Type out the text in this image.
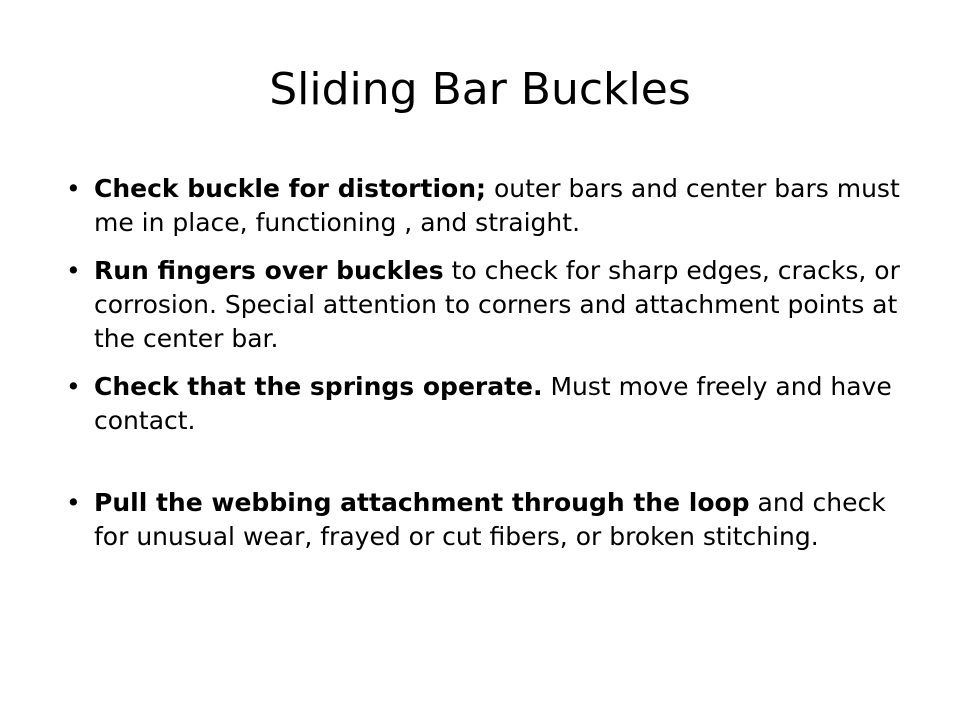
Sliding Bar Buckles
• Check buckle for distortion; outer bars and center bars must me in place, functioning , and straight.
• Run fingers over buckles to check for sharp edges, cracks, or corrosion. Special attention to corners and attachment points at the center bar.
• Check that the springs operate. Must move freely and have contact.
• Pull the webbing attachment through the loop and check for unusual wear, frayed or cut fibers, or broken stitching.
